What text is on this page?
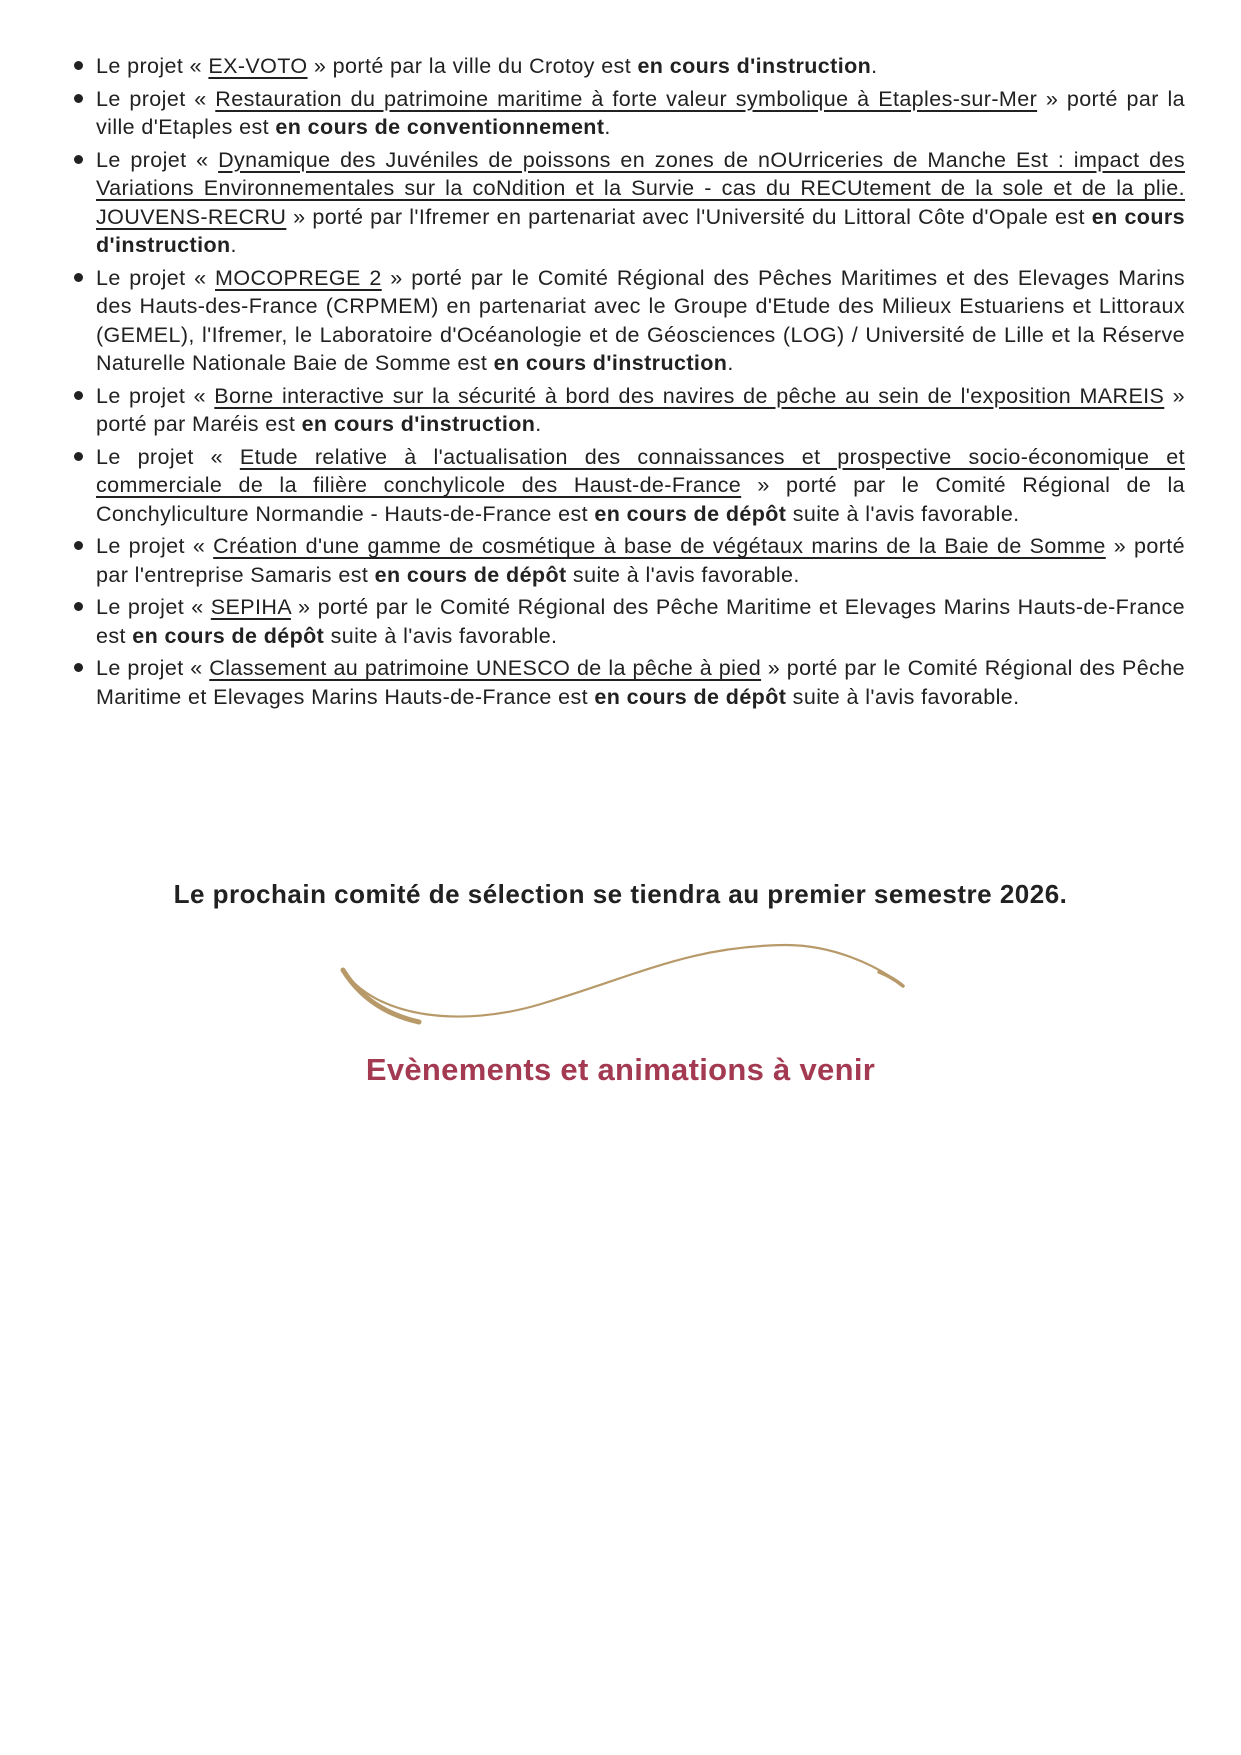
Le projet « EX-VOTO » porté par la ville du Crotoy est en cours d'instruction.
Le projet « Restauration du patrimoine maritime à forte valeur symbolique à Etaples-sur-Mer » porté par la ville d'Etaples est en cours de conventionnement.
Le projet « Dynamique des Juvéniles de poissons en zones de nOUrriceries de Manche Est : impact des Variations Environnementales sur la coNdition et la Survie - cas du RECUtement de la sole et de la plie. JOUVENS-RECRU » porté par l'Ifremer en partenariat avec l'Université du Littoral Côte d'Opale est en cours d'instruction.
Le projet « MOCOPREGE 2 » porté par le Comité Régional des Pêches Maritimes et des Elevages Marins des Hauts-des-France (CRPMEM) en partenariat avec le Groupe d'Etude des Milieux Estuariens et Littoraux (GEMEL), l'Ifremer, le Laboratoire d'Océanologie et de Géosciences (LOG) / Université de Lille et la Réserve Naturelle Nationale Baie de Somme est en cours d'instruction.
Le projet « Borne interactive sur la sécurité à bord des navires de pêche au sein de l'exposition MAREIS » porté par Maréis est en cours d'instruction.
Le projet « Etude relative à l'actualisation des connaissances et prospective socio-économique et commerciale de la filière conchylicole des Haust-de-France » porté par le Comité Régional de la Conchyliculture Normandie - Hauts-de-France est en cours de dépôt suite à l'avis favorable.
Le projet « Création d'une gamme de cosmétique à base de végétaux marins de la Baie de Somme » porté par l'entreprise Samaris est en cours de dépôt suite à l'avis favorable.
Le projet « SEPIHA » porté par le Comité Régional des Pêche Maritime et Elevages Marins Hauts-de-France est en cours de dépôt suite à l'avis favorable.
Le projet « Classement au patrimoine UNESCO de la pêche à pied » porté par le Comité Régional des Pêche Maritime et Elevages Marins Hauts-de-France est en cours de dépôt suite à l'avis favorable.

Le prochain comité de sélection se tiendra au premier semestre 2026.

Evènements et animations à venir
